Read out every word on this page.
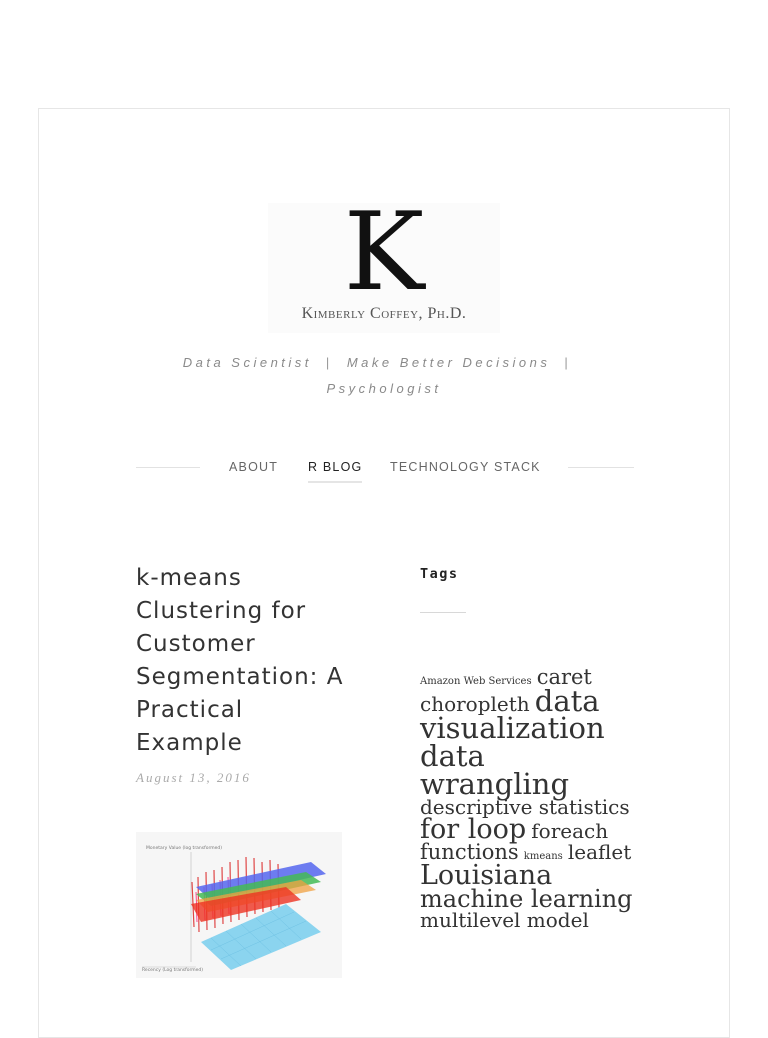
K
Kimberly Coffey, Ph.D.
Data Scientist | Make Better Decisions |
Psychologist
ABOUT R BLOG TECHNOLOGY STACK
k-means Clustering for Customer Segmentation: A Practical Example
August 13, 2016
Monetary Value (log transformed)
Recency (Log transformed)
Tags
Amazon Web Services caret choropleth data visualization data wrangling descriptive statistics for loop foreach functions kmeans leaflet Louisiana machine learning multilevel model
